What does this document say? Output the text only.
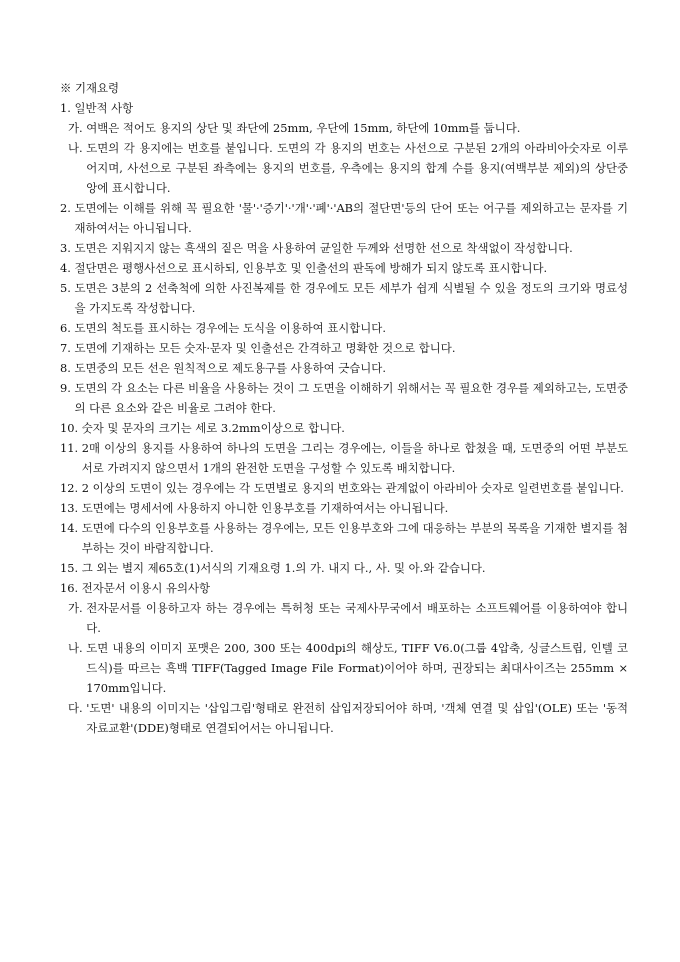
※ 기재요령

1. 일반적 사항
가. 여백은 적어도 용지의 상단 및 좌단에 25mm, 우단에 15mm, 하단에 10mm를 둡니다.
나. 도면의 각 용지에는 번호를 붙입니다. 도면의 각 용지의 번호는 사선으로 구분된 2개의 아라비아숫자로 이루어지며, 사선으로 구분된 좌측에는 용지의 번호를, 우측에는 용지의 합계 수를 용지(여백부분 제외)의 상단중앙에 표시합니다.
2. 도면에는 이해를 위해 꼭 필요한 '물'·'증기'·'개'·'폐'·'AB의 절단면'등의 단어 또는 어구를 제외하고는 문자를 기재하여서는 아니됩니다.
3. 도면은 지워지지 않는 흑색의 짙은 먹을 사용하여 균일한 두께와 선명한 선으로 착색없이 작성합니다.
4. 절단면은 평행사선으로 표시하되, 인용부호 및 인출선의 판독에 방해가 되지 않도록 표시합니다.
5. 도면은 3분의 2 선축척에 의한 사진복제를 한 경우에도 모든 세부가 쉽게 식별될 수 있을 정도의 크기와 명료성을 가지도록 작성합니다.
6. 도면의 척도를 표시하는 경우에는 도식을 이용하여 표시합니다.
7. 도면에 기재하는 모든 숫자·문자 및 인출선은 간격하고 명확한 것으로 합니다.
8. 도면중의 모든 선은 원칙적으로 제도용구를 사용하여 긋습니다.
9. 도면의 각 요소는 다른 비율을 사용하는 것이 그 도면을 이해하기 위해서는 꼭 필요한 경우를 제외하고는, 도면중의 다른 요소와 같은 비율로 그려야 한다.
10. 숫자 및 문자의 크기는 세로 3.2mm이상으로 합니다.
11. 2매 이상의 용지를 사용하여 하나의 도면을 그리는 경우에는, 이들을 하나로 합쳤을 때, 도면중의 어떤 부분도 서로 가려지지 않으면서 1개의 완전한 도면을 구성할 수 있도록 배치합니다.
12. 2 이상의 도면이 있는 경우에는 각 도면별로 용지의 번호와는 관계없이 아라비아 숫자로 일련번호를 붙입니다.
13. 도면에는 명세서에 사용하지 아니한 인용부호를 기재하여서는 아니됩니다.
14. 도면에 다수의 인용부호를 사용하는 경우에는, 모든 인용부호와 그에 대응하는 부분의 목록을 기재한 별지를 첨부하는 것이 바람직합니다.
15. 그 외는 별지 제65호(1)서식의 기재요령 1.의 가. 내지 다., 사. 및 아.와 같습니다.
16. 전자문서 이용시 유의사항
가. 전자문서를 이용하고자 하는 경우에는 특허청 또는 국제사무국에서 배포하는 소프트웨어를 이용하여야 합니다.
나. 도면 내용의 이미지 포맷은 200, 300 또는 400dpi의 해상도, TIFF V6.0(그룹 4압축, 싱글스트립, 인텔 코드식)를 따르는 흑백 TIFF(Tagged Image File Format)이어야 하며, 권장되는 최대사이즈는 255mm × 170mm입니다.
다. '도면' 내용의 이미지는 '삽입그림'형태로 완전히 삽입저장되어야 하며, '객체 연결 및 삽입'(OLE) 또는 '동적 자료교환'(DDE)형태로 연결되어서는 아니됩니다.
